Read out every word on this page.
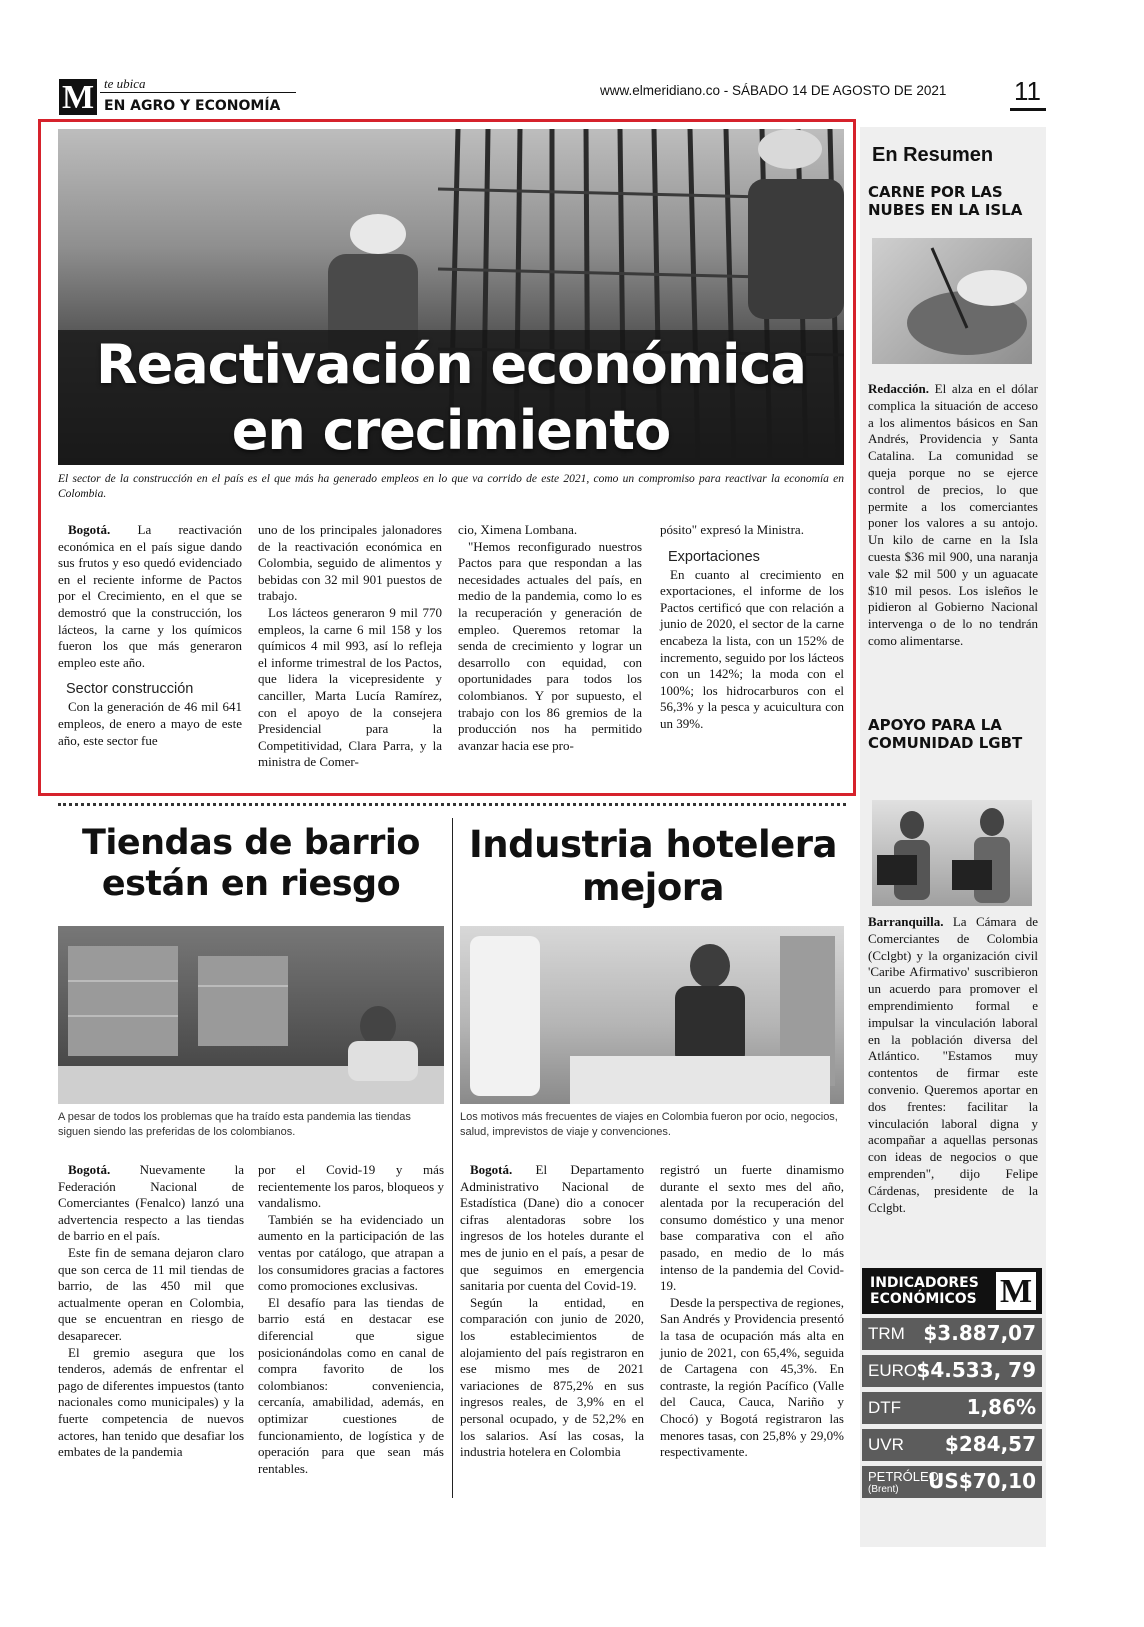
M te ubica
EN AGRO Y ECONOMÍA
www.elmeridiano.co - SÁBADO 14 DE AGOSTO DE 2021	11
Reactivación económica
en crecimiento
El sector de la construcción en el país es el que más ha generado empleos en lo que va corrido de este 2021, como un compromiso para reactivar la economía en Colombia.

Bogotá. La reactivación económica en el país sigue dando sus frutos y eso quedó evidenciado en el reciente informe de Pactos por el Crecimiento, en el que se demostró que la construcción, los lácteos, la carne y los químicos fueron los que más generaron empleo este año.

Sector construcción

Con la generación de 46 mil 641 empleos, de enero a mayo de este año, este sector fue

uno de los principales jalonadores de la reactivación económica en Colombia, seguido de alimentos y bebidas con 32 mil 901 puestos de trabajo.

Los lácteos generaron 9 mil 770 empleos, la carne 6 mil 158 y los químicos 4 mil 993, así lo refleja el informe trimestral de los Pactos, que lidera la vicepresidente y canciller, Marta Lucía Ramírez, con el apoyo de la consejera Presidencial para la Competitividad, Clara Parra, y la ministra de Comer-

cio, Ximena Lombana.

"Hemos reconfigurado nuestros Pactos para que respondan a las necesidades actuales del país, en medio de la pandemia, como lo es la recuperación y generación de empleo. Queremos retomar la senda de crecimiento y lograr un desarrollo con equidad, con oportunidades para todos los colombianos. Y por supuesto, el trabajo con los 86 gremios de la producción nos ha permitido avanzar hacia ese pro-

pósito" expresó la Ministra.

Exportaciones

En cuanto al crecimiento en exportaciones, el informe de los Pactos certificó que con relación a junio de 2020, el sector de la carne encabeza la lista, con un 152% de incremento, seguido por los lácteos con un 142%; la moda con el 100%; los hidrocarburos con el 56,3% y la pesca y acuicultura con un 39%.

Tiendas de barrio
están en riesgo
A pesar de todos los problemas que ha traído esta pandemia las tiendas siguen siendo las preferidas de los colombianos.

Bogotá. Nuevamente la Federación Nacional de Comerciantes (Fenalco) lanzó una advertencia respecto a las tiendas de barrio en el país.

Este fin de semana dejaron claro que son cerca de 11 mil tiendas de barrio, de las 450 mil que actualmente operan en Colombia, que se encuentran en riesgo de desaparecer.

El gremio asegura que los tenderos, además de enfrentar el pago de diferentes impuestos (tanto nacionales como municipales) y la fuerte competencia de nuevos actores, han tenido que desafiar los embates de la pandemia

por el Covid-19 y más recientemente los paros, bloqueos y vandalismo.

También se ha evidenciado un aumento en la participación de las ventas por catálogo, que atrapan a los consumidores gracias a factores como promociones exclusivas.

El desafío para las tiendas de barrio está en destacar ese diferencial que sigue posicionándolas como en canal de compra favorito de los colombianos: conveniencia, cercanía, amabilidad, además, en optimizar cuestiones de funcionamiento, de logística y de operación para que sean más rentables.

Industria hotelera
mejora
Los motivos más frecuentes de viajes en Colombia fueron por ocio, negocios, salud, imprevistos de viaje y convenciones.

Bogotá. El Departamento Administrativo Nacional de Estadística (Dane) dio a conocer cifras alentadoras sobre los ingresos de los hoteles durante el mes de junio en el país, a pesar de que seguimos en emergencia sanitaria por cuenta del Covid-19.

Según la entidad, en comparación con junio de 2020, los establecimientos de alojamiento del país registraron en ese mismo mes de 2021 variaciones de 875,2% en sus ingresos reales, de 3,9% en el personal ocupado, y de 52,2% en los salarios. Así las cosas, la industria hotelera en Colombia

registró un fuerte dinamismo durante el sexto mes del año, alentada por la recuperación del consumo doméstico y una menor base comparativa con el año pasado, en medio de lo más intenso de la pandemia del Covid- 19.

Desde la perspectiva de regiones, San Andrés y Providencia presentó la tasa de ocupación más alta en junio de 2021, con 65,4%, seguida de Cartagena con 45,3%. En contraste, la región Pacífico (Valle del Cauca, Cauca, Nariño y Chocó) y Bogotá registraron las menores tasas, con 25,8% y 29,0% respectivamente.

En Resumen
CARNE POR LAS NUBES EN LA ISLA
Redacción. El alza en el dólar complica la situación de acceso a los alimentos básicos en San Andrés, Providencia y Santa Catalina. La comunidad se queja porque no se ejerce control de precios, lo que permite a los comerciantes poner los valores a su antojo. Un kilo de carne en la Isla cuesta $36 mil 900, una naranja vale $2 mil 500 y un aguacate $10 mil pesos. Los isleños le pidieron al Gobierno Nacional intervenga o de lo no tendrán como alimentarse.
APOYO PARA LA COMUNIDAD LGBT
Barranquilla. La Cámara de Comerciantes de Colombia (Cclgbt) y la organización civil 'Caribe Afirmativo' suscribieron un acuerdo para promover el emprendimiento formal e impulsar la vinculación laboral en la población diversa del Atlántico. "Estamos muy contentos de firmar este convenio. Queremos aportar en dos frentes: facilitar la vinculación laboral digna y acompañar a aquellas personas con ideas de negocios o que emprenden", dijo Felipe Cárdenas, presidente de la Cclgbt.
INDICADORES
ECONÓMICOS M
TRM $3.887,07
EURO $4.533, 79
DTF	1,86%
UVR $284,57
PETRÓLEO
(Brent) US$70,10
